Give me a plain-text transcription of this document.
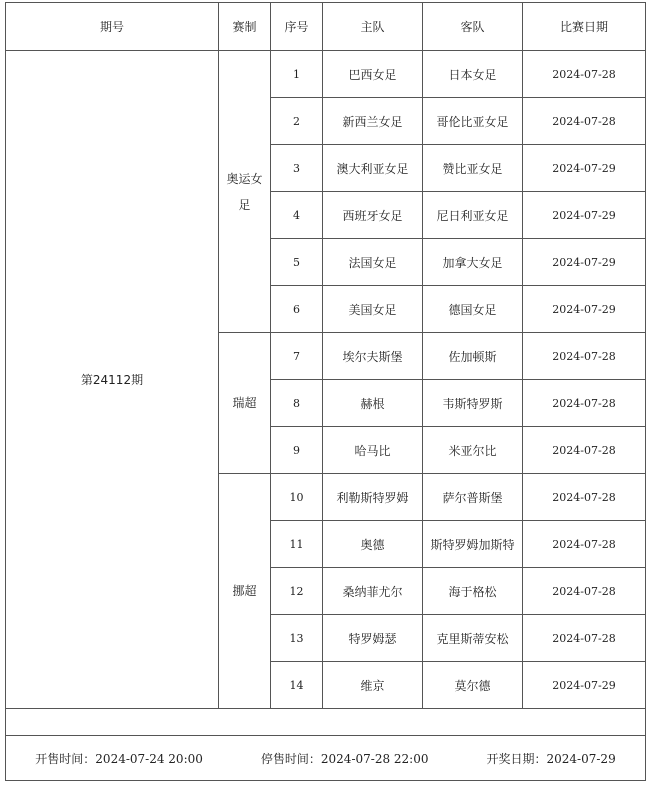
期号	赛制	序号	主队	客队	比赛日期
第24112期	奥运女足	1	巴西女足	日本女足	2024-07-28
		2	新西兰女足	哥伦比亚女足	2024-07-28
		3	澳大利亚女足	赞比亚女足	2024-07-29
		4	西班牙女足	尼日利亚女足	2024-07-29
		5	法国女足	加拿大女足	2024-07-29
		6	美国女足	德国女足	2024-07-29
	瑞超	7	埃尔夫斯堡	佐加顿斯	2024-07-28
		8	赫根	韦斯特罗斯	2024-07-28
		9	哈马比	米亚尔比	2024-07-28
	挪超	10	利勒斯特罗姆	萨尔普斯堡	2024-07-28
		11	奥德	斯特罗姆加斯特	2024-07-28
		12	桑纳菲尤尔	海于格松	2024-07-28
		13	特罗姆瑟	克里斯蒂安松	2024-07-28
		14	维京	莫尔德	2024-07-29

开售时间：2024-07-24 20:00 停售时间：2024-07-28 22:00 开奖日期：2024-07-29					
